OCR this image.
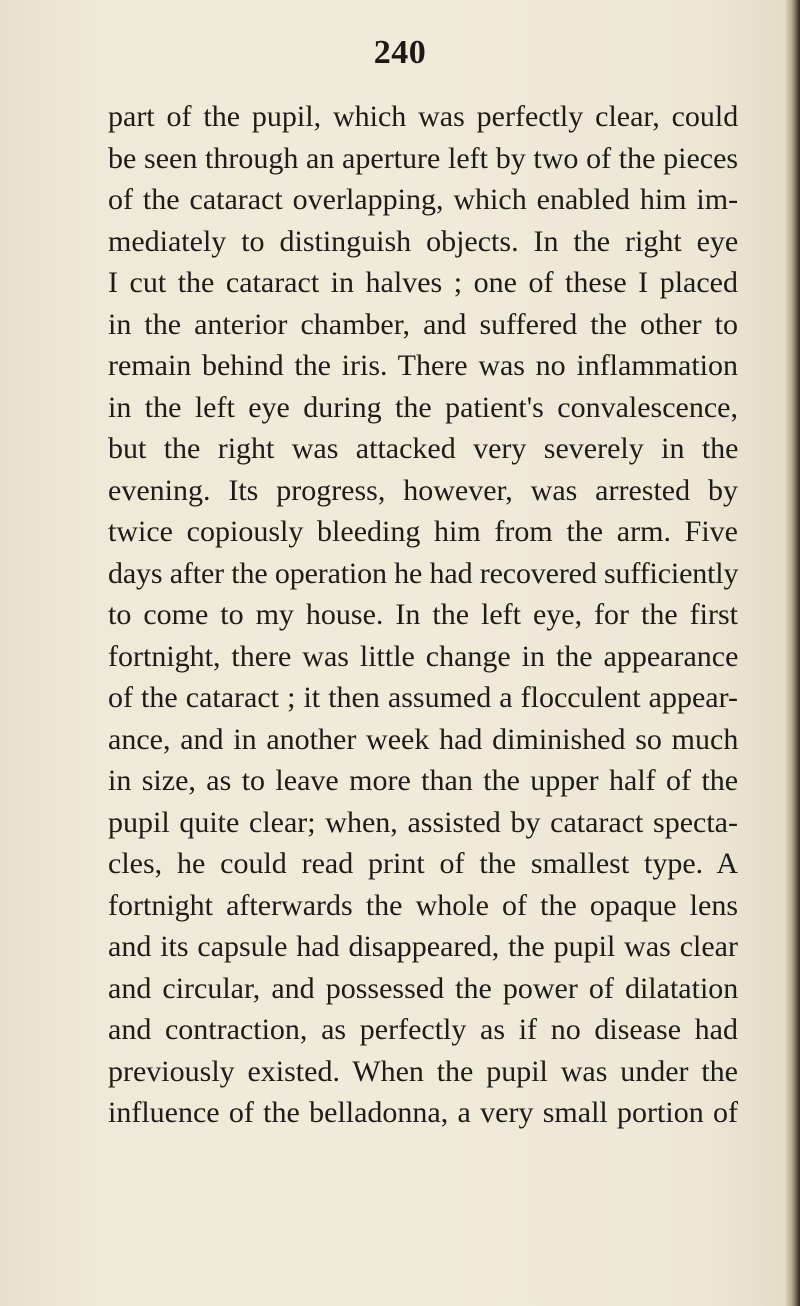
240
part of the pupil, which was perfectly clear, could
be seen through an aperture left by two of the pieces
of the cataract overlapping, which enabled him im-
mediately to distinguish objects. In the right eye
I cut the cataract in halves ; one of these I placed
in the anterior chamber, and suffered the other to
remain behind the iris. There was no inflammation
in the left eye during the patient's convalescence,
but the right was attacked very severely in the
evening. Its progress, however, was arrested by
twice copiously bleeding him from the arm. Five
days after the operation he had recovered sufficiently
to come to my house. In the left eye, for the first
fortnight, there was little change in the appearance
of the cataract ; it then assumed a flocculent appear-
ance, and in another week had diminished so much
in size, as to leave more than the upper half of the
pupil quite clear; when, assisted by cataract specta-
cles, he could read print of the smallest type. A
fortnight afterwards the whole of the opaque lens
and its capsule had disappeared, the pupil was clear
and circular, and possessed the power of dilatation
and contraction, as perfectly as if no disease had
previously existed. When the pupil was under the
influence of the belladonna, a very small portion of
